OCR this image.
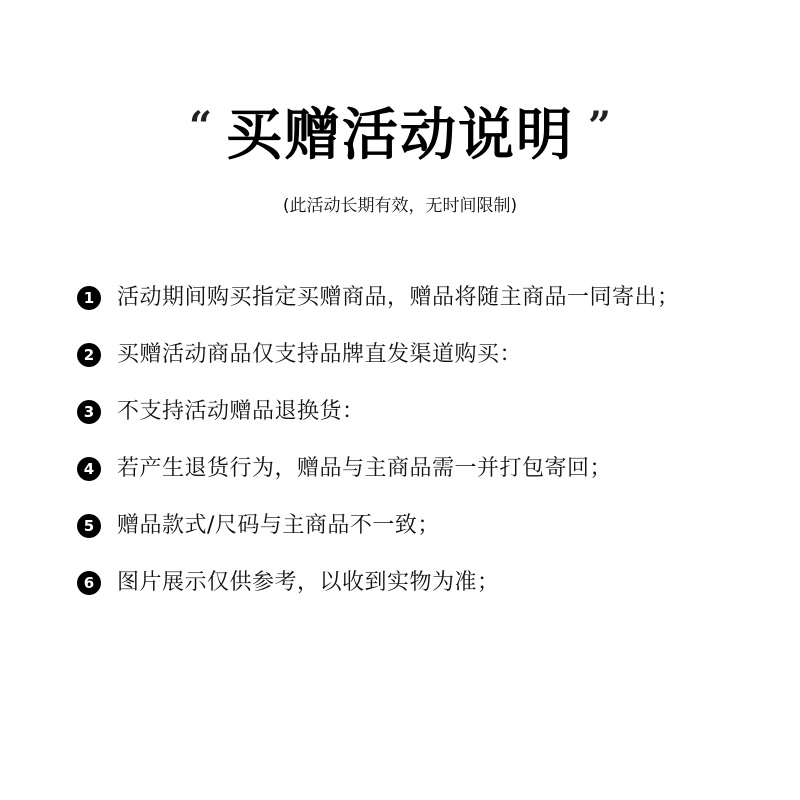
“ 买赠活动说明 ”
(此活动长期有效，无时间限制)
1	活动期间购买指定买赠商品，赠品将随主商品一同寄出；
2	买赠活动商品仅支持品牌直发渠道购买：
3	不支持活动赠品退换货：
4	若产生退货行为，赠品与主商品需一并打包寄回；
5	赠品款式/尺码与主商品不一致；
6	图片展示仅供参考，以收到实物为准；
